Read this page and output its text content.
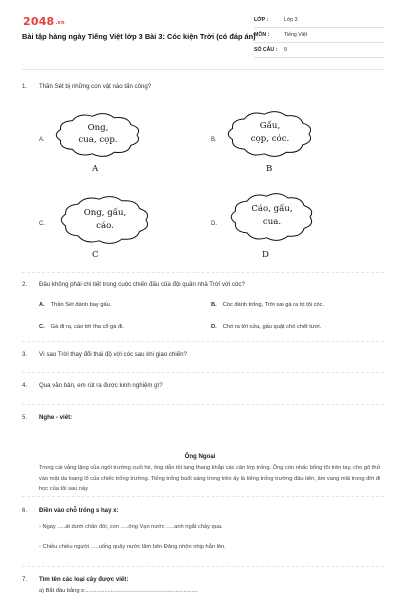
2048.vn
Bài tập hàng ngày Tiếng Việt lớp 3 Bài 3: Cóc kiện Trời (có đáp án)
LỚP :	Lớp 3
MÔN :	Tiếng Việt
SỐ CÂU :	9
1. Thần Sét bị những con vật nào tấn công?
A.
Ong,
cua, cọp.
A
B.
Gấu,
cọp, cóc.
B
C.
Ong, gấu,
cáo.
C
D.
Cáo, gấu,
cua.
D
2. Đâu không phải chi tiết trong cuộc chiến đấu của đội quân nhà Trời với cóc?
A. Thần Sét đánh bay gấu.	B. Cóc đánh trống, Trời sai gà ra trị tội cóc.
C. Gà đi ra, cáo tới tha cổ gà đi.	D. Chó ra tới cửa, gấu quật chó chết tươi.
3. Vì sao Trời thay đổi thái độ với cóc sau khi giao chiến?
4. Qua văn bản, em rút ra được kinh nghiệm gì?
5. Nghe - viết:
Ông Ngoại
Trong cái vắng lặng của ngôi trường cuối hè, ông dẫn tôi lang thang khắp các căn lớp trống. Ông còn nhấc bổng tôi trên tay, cho gõ thử vào mặt da loang lổ của chiếc trống trường. Tiếng trống buổi sáng trong trẻo ấy là tiếng trống trường đầu tiên, âm vang mãi trong đời đi học của tôi sau này
6. Điền vào chỗ trống s hay x:
- Ngay .....át dưới chân đồi, con .....ông Vạn nước .....anh ngắt chảy qua.
- Chiều chiều người .....uống quây nước lâm bên Đăng nhộn nhịp hẳn lên.
7. Tìm tên các loại cây được viết:
a) Bắt đầu bằng s:.......................................................................
